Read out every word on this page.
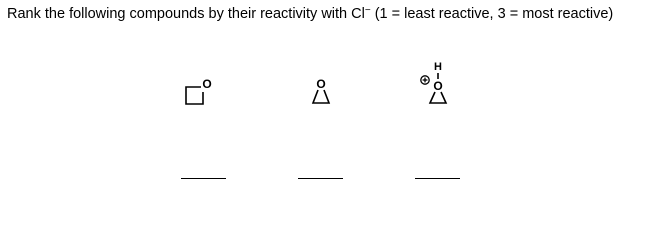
Rank the following compounds by their reactivity with Cl− (1 = least reactive, 3 = most reactive)
O	O
H
O
